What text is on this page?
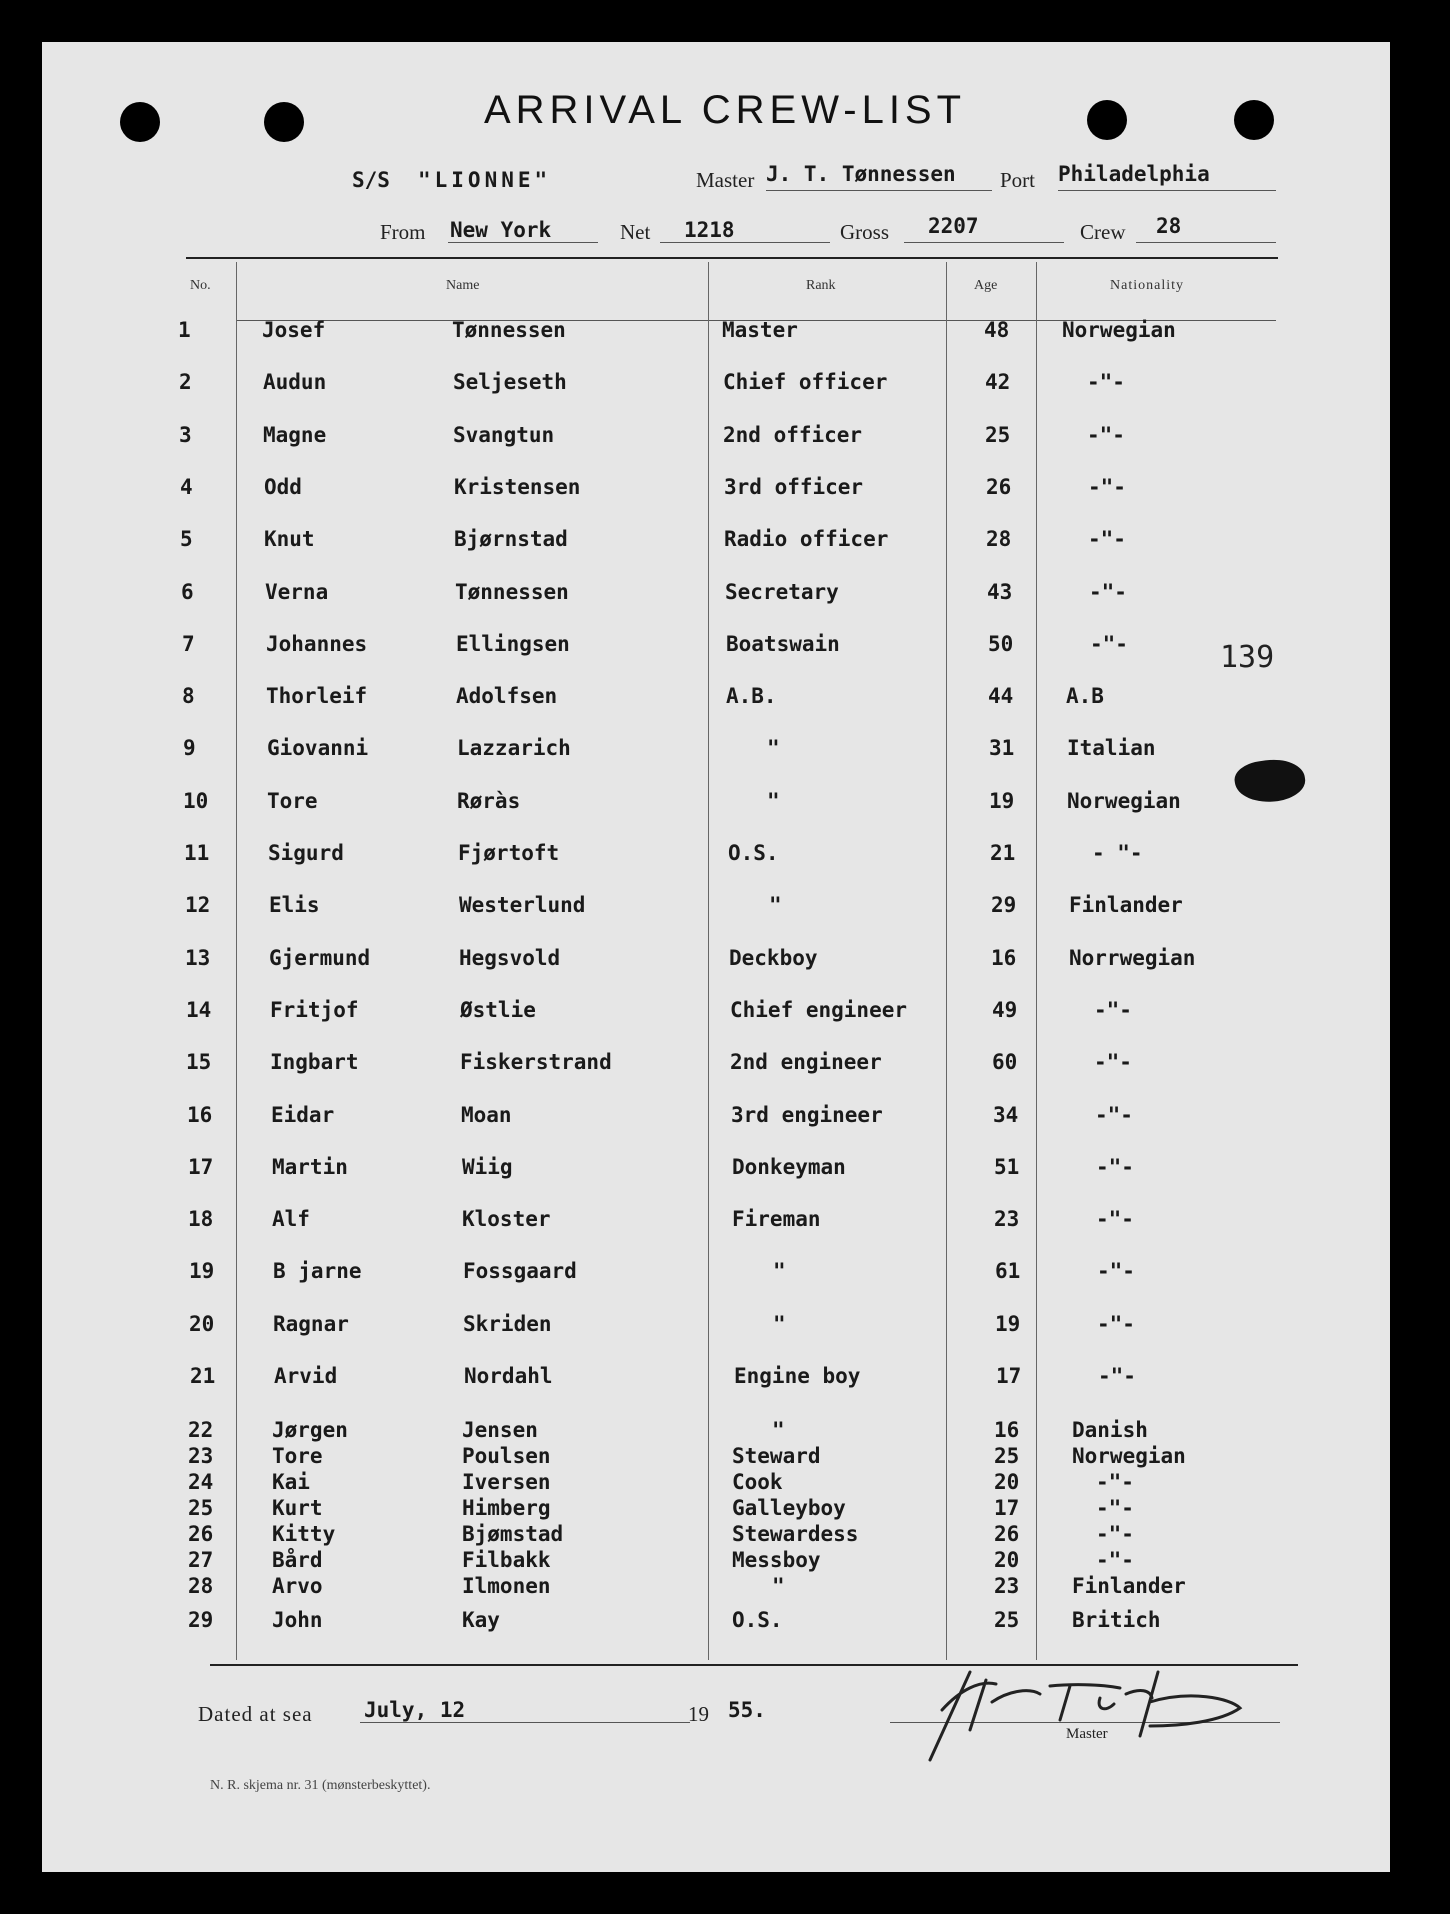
ARRIVAL CREW-LIST
S/S "LIONNE"	Master J. T. Tønnessen Port Philadelphia
From New York	Net 1218	Gross 2207	Crew 28
No.	Name	Rank	Age	Nationality
1	Josef	Tønnessen	Master	48	Norwegian
2	Audun	Seljeseth	Chief officer	42	-"-
3	Magne	Svangtun	2nd officer	25	-"-
4	Odd	Kristensen	3rd officer	26	-"-
5	Knut	Bjørnstad	Radio officer	28	-"-
6	Verna	Tønnessen	Secretary	43	-"-
7	Johannes	Ellingsen	Boatswain	50	-"-
8	Thorleif	Adolfsen	A.B.	44	A.B
9	Giovanni	Lazzarich	"	31	Italian
10	Tore	Røràs	"	19	Norwegian
11	Sigurd	Fjørtoft	O.S.	21	- "-
12	Elis	Westerlund	"	29	Finlander
13	Gjermund	Hegsvold	Deckboy	16	Norrwegian
14	Fritjof	Østlie	Chief engineer	49	-"-
15	Ingbart	Fiskerstrand	2nd engineer	60	-"-
16	Eidar	Moan	3rd engineer	34	-"-
17	Martin	Wiig	Donkeyman	51	-"-
18	Alf	Kloster	Fireman	23	-"-
19	B jarne	Fossgaard	"	61	-"-
20	Ragnar	Skriden	"	19	-"-
21	Arvid	Nordahl	Engine boy	17	-"-
22	Jørgen	Jensen	"	16	Danish
23	Tore	Poulsen	Steward	25	Norwegian
24	Kai	Iversen	Cook	20	-"-
25	Kurt	Himberg	Galleyboy	17	-"-
26	Kitty	Bjømstad	Stewardess	26	-"-
27	Bård	Filbakk	Messboy	20	-"-
28	Arvo	Ilmonen	"	23	Finlander
29	John	Kay	O.S.	25	Britich
139
Dated at sea July, 12	19 55.
Master
N. R. skjema nr. 31 (mønsterbeskyttet).
